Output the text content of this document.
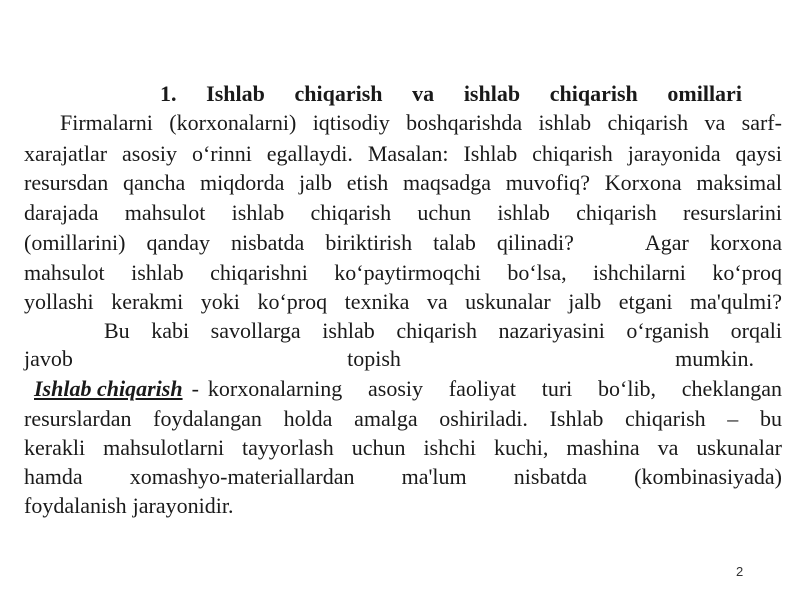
1. Ishlab chiqarish va ishlab chiqarish omillari
Firmalarni (korxonalarni) iqtisodiy boshqarishda ishlab chiqarish va sarf-
xarajatlar asosiy o‘rinni egallaydi. Masalan: Ishlab chiqarish jarayonida qaysi
resursdan qancha miqdorda jalb etish maqsadga muvofiq? Korxona maksimal
darajada mahsulot ishlab chiqarish uchun ishlab chiqarish resurslarini
(omillarini) qanday nisbatda biriktirish talab qilinadi?	Agar korxona
mahsulot ishlab chiqarishni ko‘paytirmoqchi bo‘lsa, ishchilarni ko‘proq
yollashi kerakmi yoki ko‘proq texnika va uskunalar jalb etgani ma'qulmi?
Bu kabi savollarga ishlab chiqarish nazariyasini o‘rganish orqali
javob	topish	mumkin.
Ishlab chiqarish - korxonalarning asosiy faoliyat turi bo‘lib, cheklangan
resurslardan foydalangan holda amalga oshiriladi. Ishlab chiqarish – bu
kerakli mahsulotlarni tayyorlash uchun ishchi kuchi, mashina va uskunalar
hamda xomashyo-materiallardan ma'lum nisbatda (kombinasiyada)
foydalanish jarayonidir.
2
